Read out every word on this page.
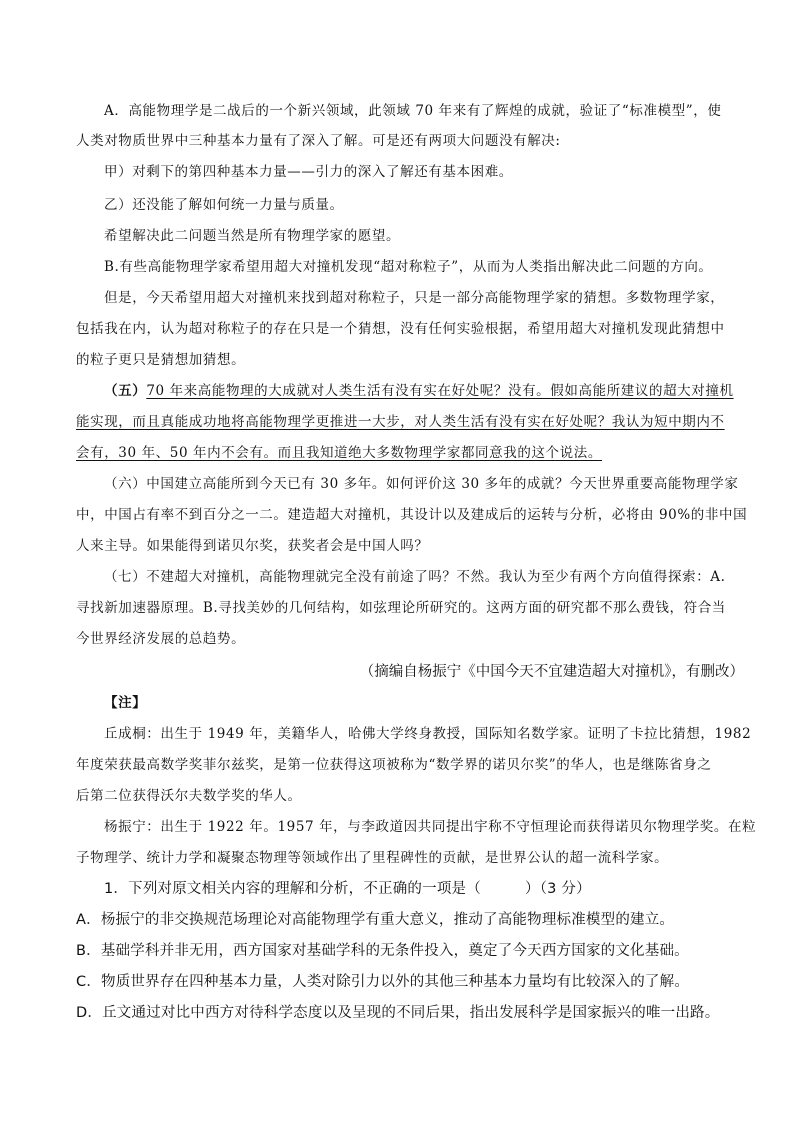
A．高能物理学是二战后的一个新兴领域，此领域 70 年来有了辉煌的成就，验证了“标准模型”，使
人类对物质世界中三种基本力量有了深入了解。可是还有两项大问题没有解决:
甲）对剩下的第四种基本力量——引力的深入了解还有基本困难。
乙）还没能了解如何统一力量与质量。
希望解决此二问题当然是所有物理学家的愿望。
B.有些高能物理学家希望用超大对撞机发现“超对称粒子”，从而为人类指出解决此二问题的方向。
但是，今天希望用超大对撞机来找到超对称粒子，只是一部分高能物理学家的猜想。多数物理学家，
包括我在内，认为超对称粒子的存在只是一个猜想，没有任何实验根据，希望用超大对撞机发现此猜想中
的粒子更只是猜想加猜想。
（五）70 年来高能物理的大成就对人类生活有没有实在好处呢？没有。假如高能所建议的超大对撞机
能实现，而且真能成功地将高能物理学更推进一大步，对人类生活有没有实在好处呢？我认为短中期内不
会有，30 年、50 年内不会有。而且我知道绝大多数物理学家都同意我的这个说法。
（六）中国建立高能所到今天已有 30 多年。如何评价这 30 多年的成就？今天世界重要高能物理学家
中，中国占有率不到百分之一二。建造超大对撞机，其设计以及建成后的运转与分析，必将由 90%的非中国
人来主导。如果能得到诺贝尔奖，获奖者会是中国人吗？
（七）不建超大对撞机，高能物理就完全没有前途了吗？不然。我认为至少有两个方向值得探索：A.
寻找新加速器原理。B.寻找美妙的几何结构，如弦理论所研究的。这两方面的研究都不那么费钱，符合当
今世界经济发展的总趋势。
（摘编自杨振宁《中国今天不宜建造超大对撞机》，有删改）
【注】
丘成桐：出生于 1949 年，美籍华人，哈佛大学终身教授，国际知名数学家。证明了卡拉比猜想，1982
年度荣获最高数学奖菲尔兹奖，是第一位获得这项被称为“数学界的诺贝尔奖”的华人，也是继陈省身之
后第二位获得沃尔夫数学奖的华人。
杨振宁：出生于 1922 年。1957 年，与李政道因共同提出宇称不守恒理论而获得诺贝尔物理学奖。在粒
子物理学、统计力学和凝聚态物理等领域作出了里程碑性的贡献，是世界公认的超一流科学家。
1．下列对原文相关内容的理解和分析，不正确的一项是（　　　）（3 分）
A．杨振宁的非交换规范场理论对高能物理学有重大意义，推动了高能物理标准模型的建立。
B．基础学科并非无用，西方国家对基础学科的无条件投入，奠定了今天西方国家的文化基础。
C．物质世界存在四种基本力量，人类对除引力以外的其他三种基本力量均有比较深入的了解。
D．丘文通过对比中西方对待科学态度以及呈现的不同后果，指出发展科学是国家振兴的唯一出路。
